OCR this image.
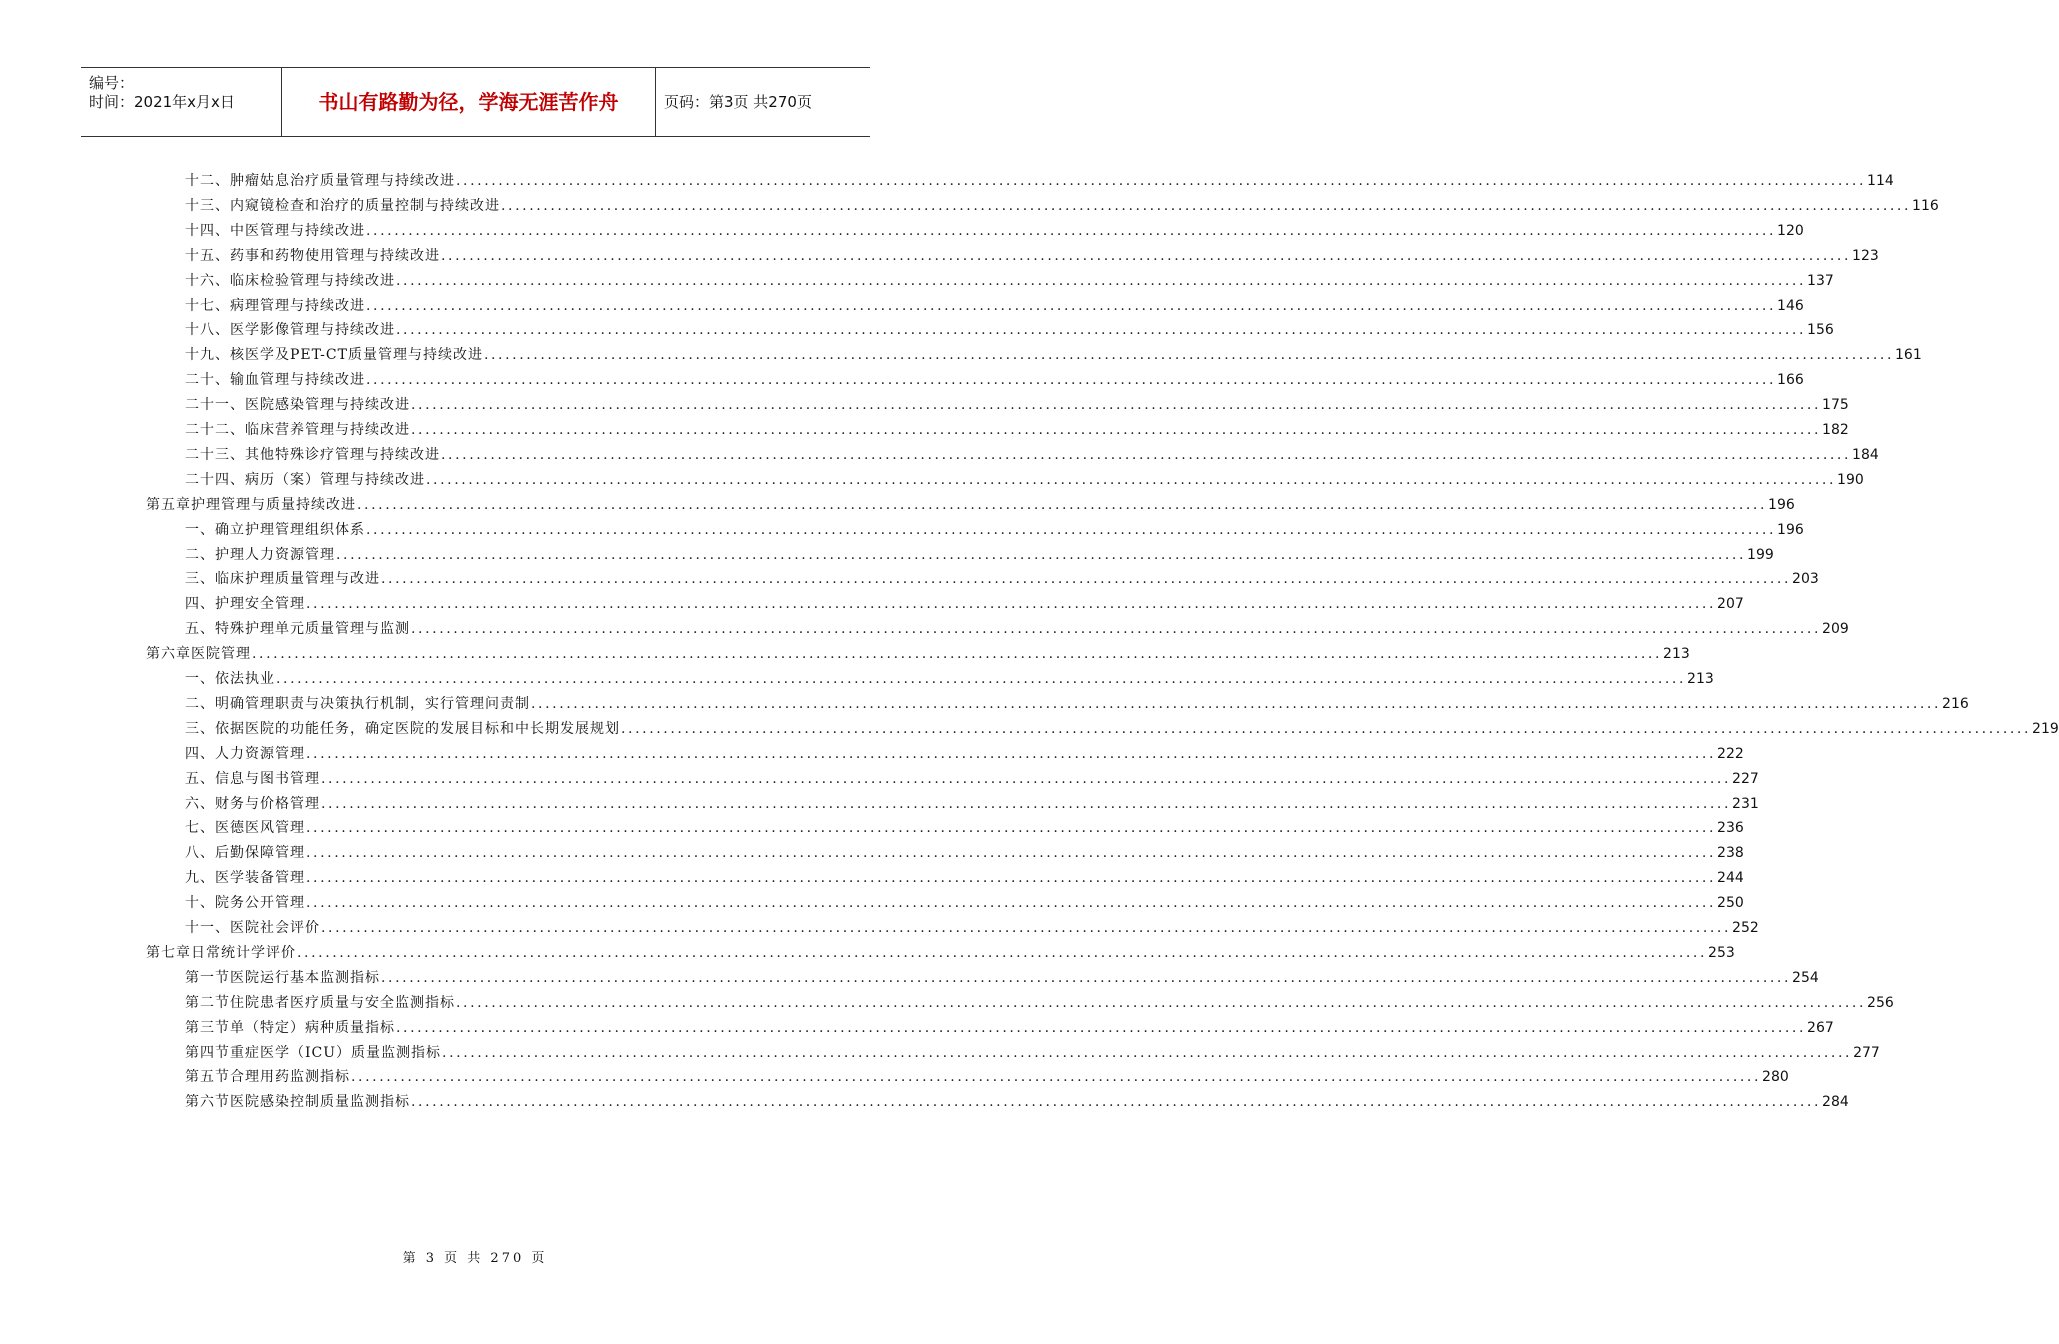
编号：
时间：2021年x月x日	书山有路勤为径，学海无涯苦作舟	页码：第3页 共270页
十二、肿瘤姑息治疗质量管理与持续改进 ........................................................................................................................................................................................................ 114
十三、内窥镜检查和治疗的质量控制与持续改进 ........................................................................................................................................................................................................ 116
十四、中医管理与持续改进 ........................................................................................................................................................................................................ 120
十五、药事和药物使用管理与持续改进 ........................................................................................................................................................................................................ 123
十六、临床检验管理与持续改进 ........................................................................................................................................................................................................ 137
十七、病理管理与持续改进 ........................................................................................................................................................................................................ 146
十八、医学影像管理与持续改进 ........................................................................................................................................................................................................ 156
十九、核医学及PET-CT质量管理与持续改进 ........................................................................................................................................................................................................ 161
二十、输血管理与持续改进 ........................................................................................................................................................................................................ 166
二十一、医院感染管理与持续改进 ........................................................................................................................................................................................................ 175
二十二、临床营养管理与持续改进 ........................................................................................................................................................................................................ 182
二十三、其他特殊诊疗管理与持续改进 ........................................................................................................................................................................................................ 184
二十四、病历（案）管理与持续改进 ........................................................................................................................................................................................................ 190
第五章护理管理与质量持续改进 ........................................................................................................................................................................................................ 196
一、确立护理管理组织体系 ........................................................................................................................................................................................................ 196
二、护理人力资源管理 ........................................................................................................................................................................................................ 199
三、临床护理质量管理与改进 ........................................................................................................................................................................................................ 203
四、护理安全管理 ........................................................................................................................................................................................................ 207
五、特殊护理单元质量管理与监测 ........................................................................................................................................................................................................ 209
第六章医院管理 ........................................................................................................................................................................................................ 213
一、依法执业 ........................................................................................................................................................................................................ 213
二、明确管理职责与决策执行机制，实行管理问责制 ........................................................................................................................................................................................................ 216
三、依据医院的功能任务，确定医院的发展目标和中长期发展规划 ........................................................................................................................................................................................................ 219
四、人力资源管理 ........................................................................................................................................................................................................ 222
五、信息与图书管理 ........................................................................................................................................................................................................ 227
六、财务与价格管理 ........................................................................................................................................................................................................ 231
七、医德医风管理 ........................................................................................................................................................................................................ 236
八、后勤保障管理 ........................................................................................................................................................................................................ 238
九、医学装备管理 ........................................................................................................................................................................................................ 244
十、院务公开管理 ........................................................................................................................................................................................................ 250
十一、医院社会评价 ........................................................................................................................................................................................................ 252
第七章日常统计学评价 ........................................................................................................................................................................................................ 253
第一节医院运行基本监测指标 ........................................................................................................................................................................................................ 254
第二节住院患者医疗质量与安全监测指标 ........................................................................................................................................................................................................ 256
第三节单（特定）病种质量指标 ........................................................................................................................................................................................................ 267
第四节重症医学（ICU）质量监测指标 ........................................................................................................................................................................................................ 277
第五节合理用药监测指标 ........................................................................................................................................................................................................ 280
第六节医院感染控制质量监测指标 ........................................................................................................................................................................................................ 284
第 3 页 共 270 页
